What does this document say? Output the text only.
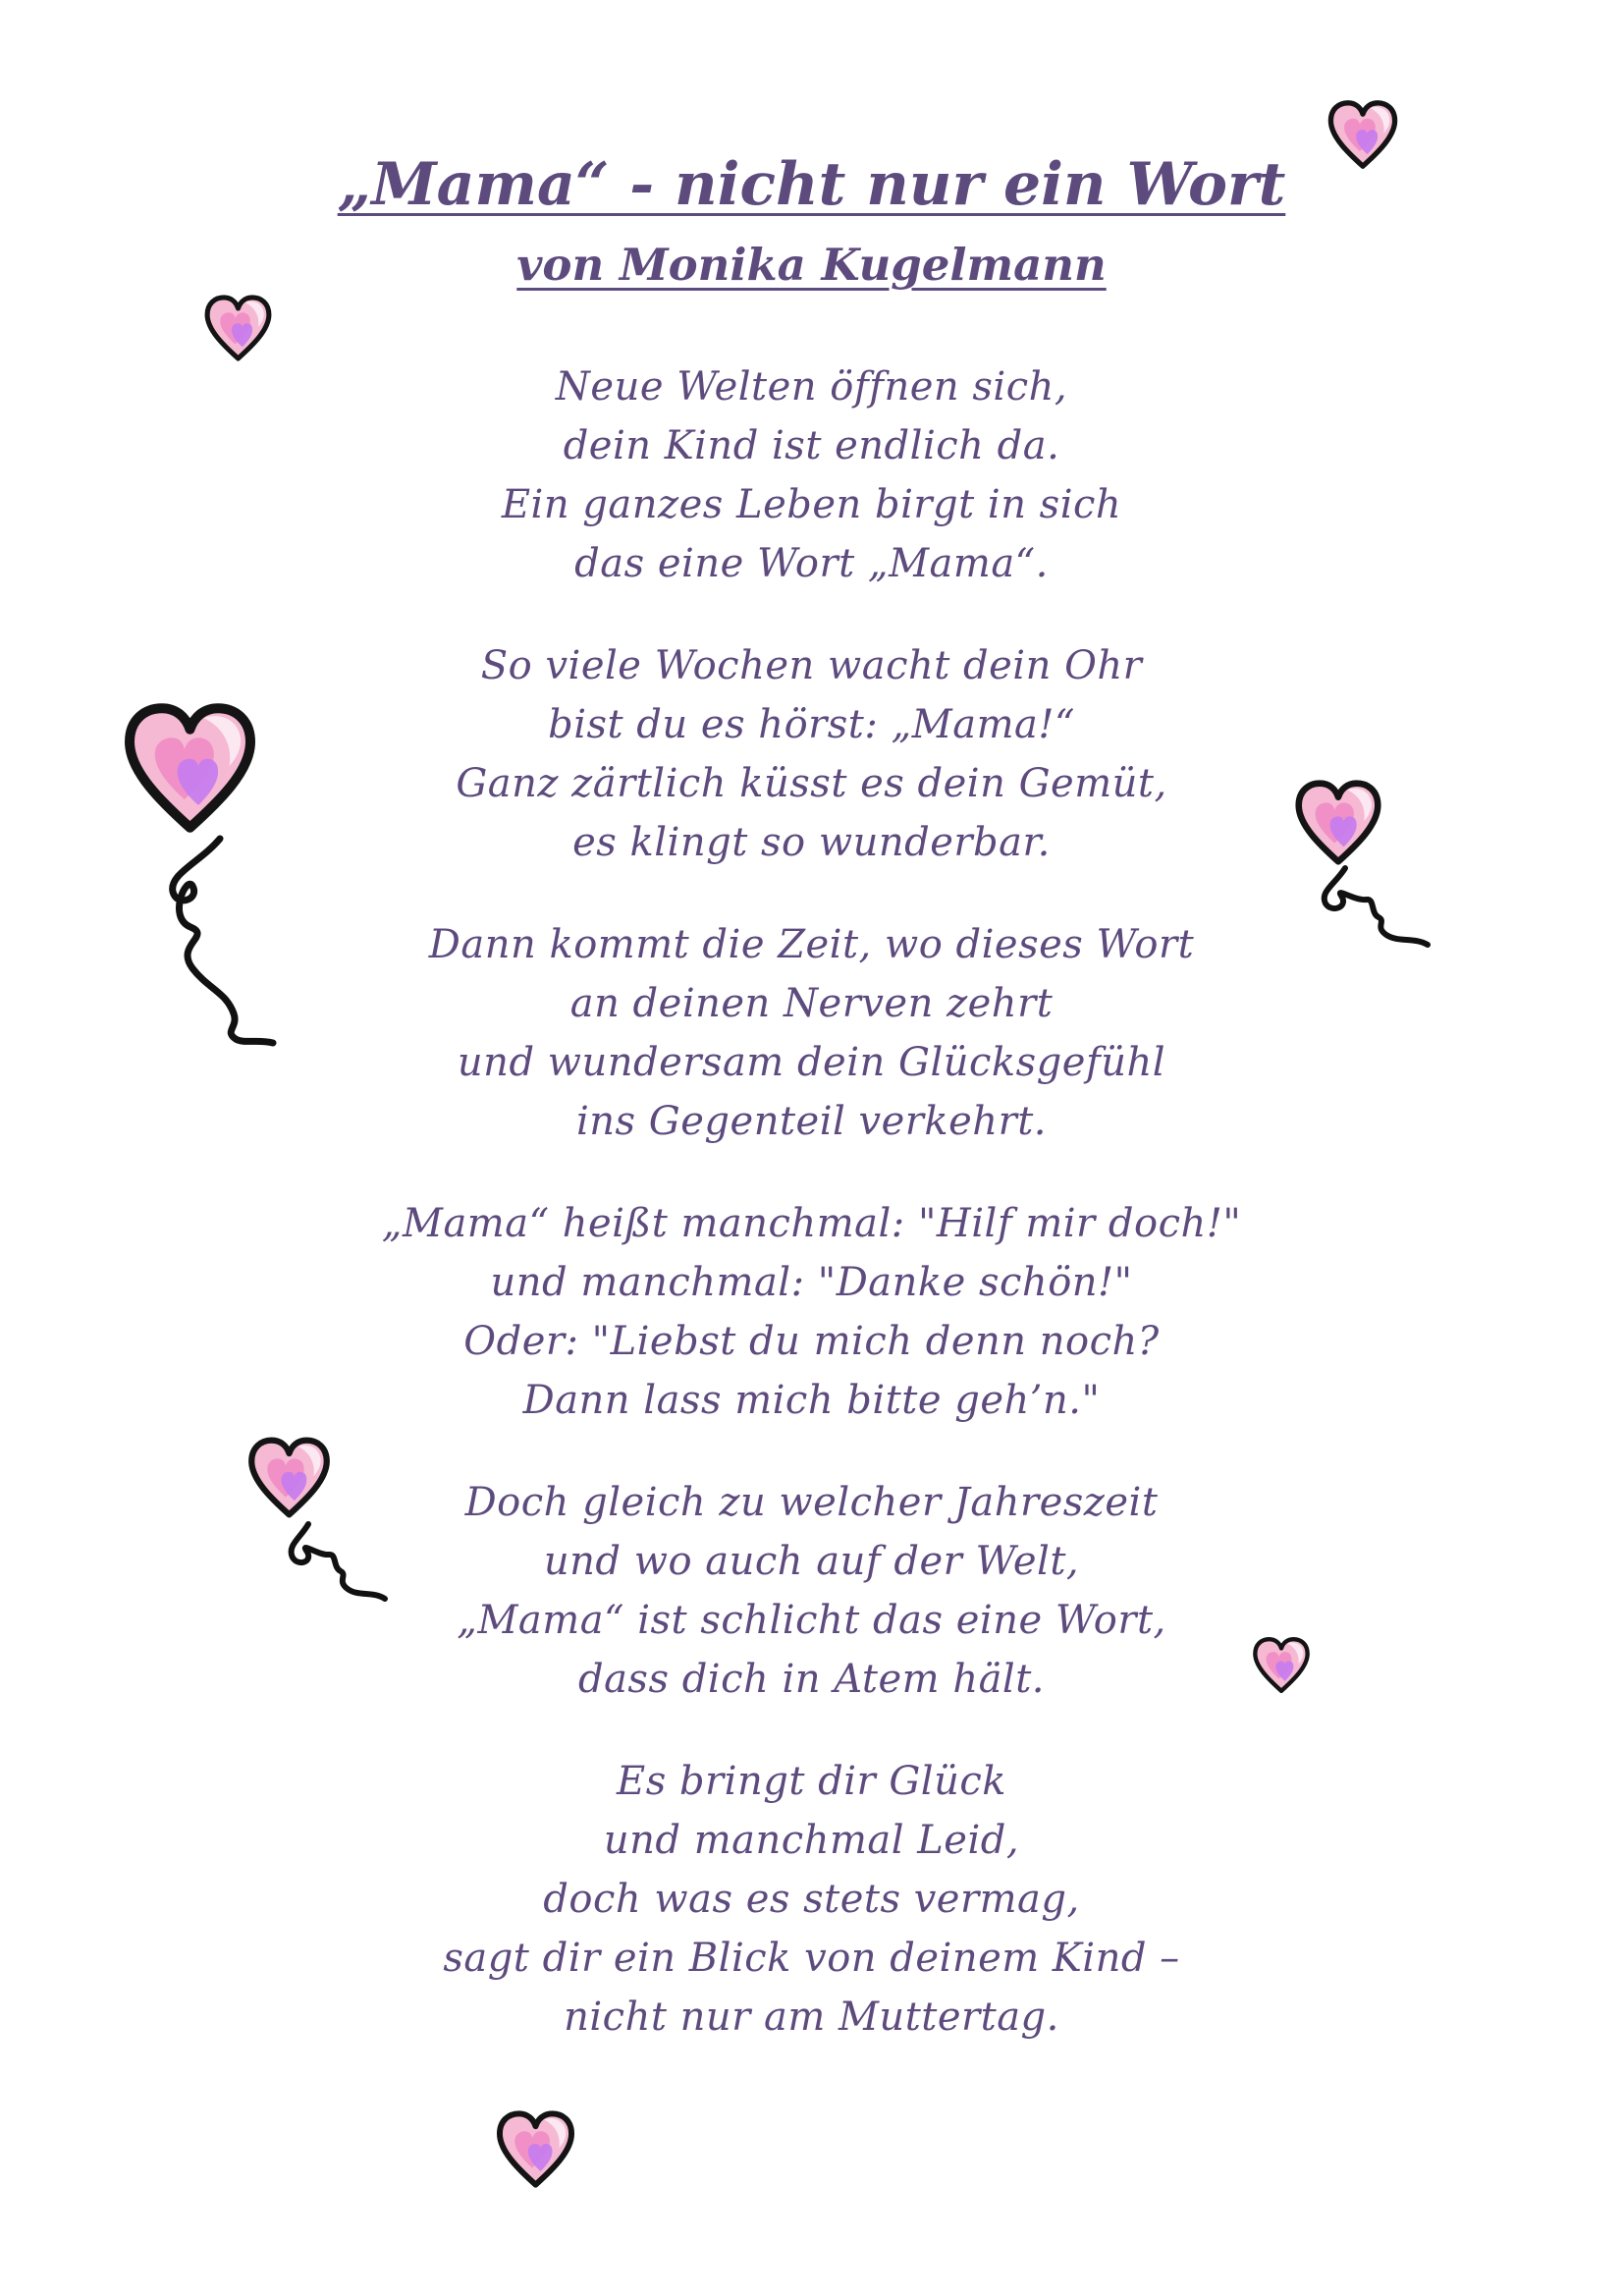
„Mama“ - nicht nur ein Wort
von Monika Kugelmann
Neue Welten öffnen sich,
dein Kind ist endlich da.
Ein ganzes Leben birgt in sich
das eine Wort „Mama“.
So viele Wochen wacht dein Ohr
bist du es hörst: „Mama!“
Ganz zärtlich küsst es dein Gemüt,
es klingt so wunderbar.
Dann kommt die Zeit, wo dieses Wort
an deinen Nerven zehrt
und wundersam dein Glücksgefühl
ins Gegenteil verkehrt.
„Mama“ heißt manchmal: "Hilf mir doch!"
und manchmal: "Danke schön!"
Oder: "Liebst du mich denn noch?
Dann lass mich bitte geh’n."
Doch gleich zu welcher Jahreszeit
und wo auch auf der Welt,
„Mama“ ist schlicht das eine Wort,
dass dich in Atem hält.
Es bringt dir Glück
und manchmal Leid,
doch was es stets vermag,
sagt dir ein Blick von deinem Kind –
nicht nur am Muttertag.
